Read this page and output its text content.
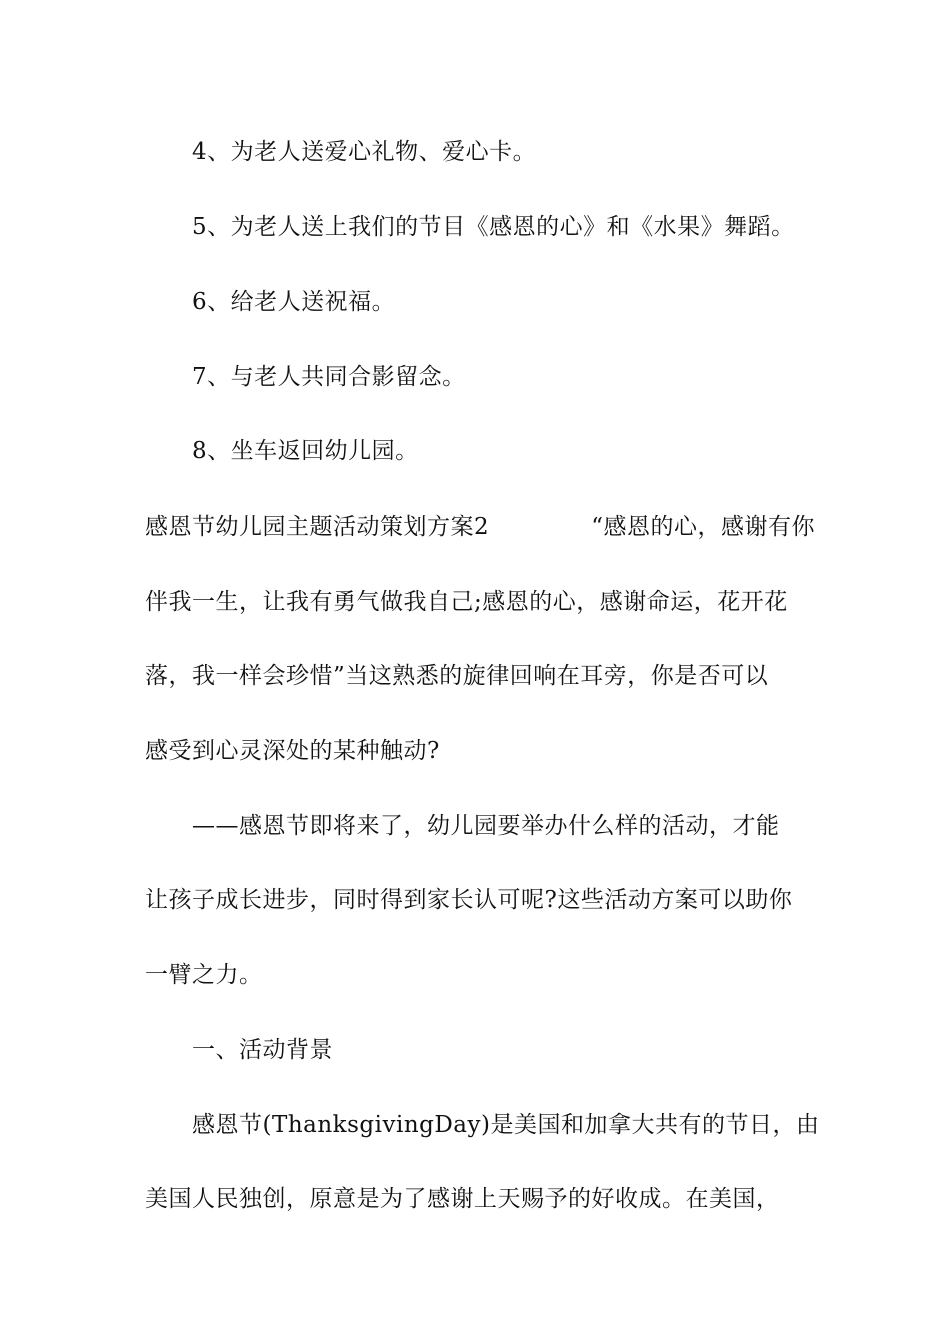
4、为老人送爱心礼物、爱心卡。
5、为老人送上我们的节目《感恩的心》和《水果》舞蹈。
6、给老人送祝福。
7、与老人共同合影留念。
8、坐车返回幼儿园。
感恩节幼儿园主题活动策划方案2	“感恩的心，感谢有你
伴我一生，让我有勇气做我自己;感恩的心，感谢命运，花开花
落，我一样会珍惜”当这熟悉的旋律回响在耳旁，你是否可以
感受到心灵深处的某种触动?
——感恩节即将来了，幼儿园要举办什么样的活动，才能
让孩子成长进步，同时得到家长认可呢?这些活动方案可以助你
一臂之力。
一、活动背景
感恩节(ThanksgivingDay)是美国和加拿大共有的节日，由
美国人民独创，原意是为了感谢上天赐予的好收成。在美国，
